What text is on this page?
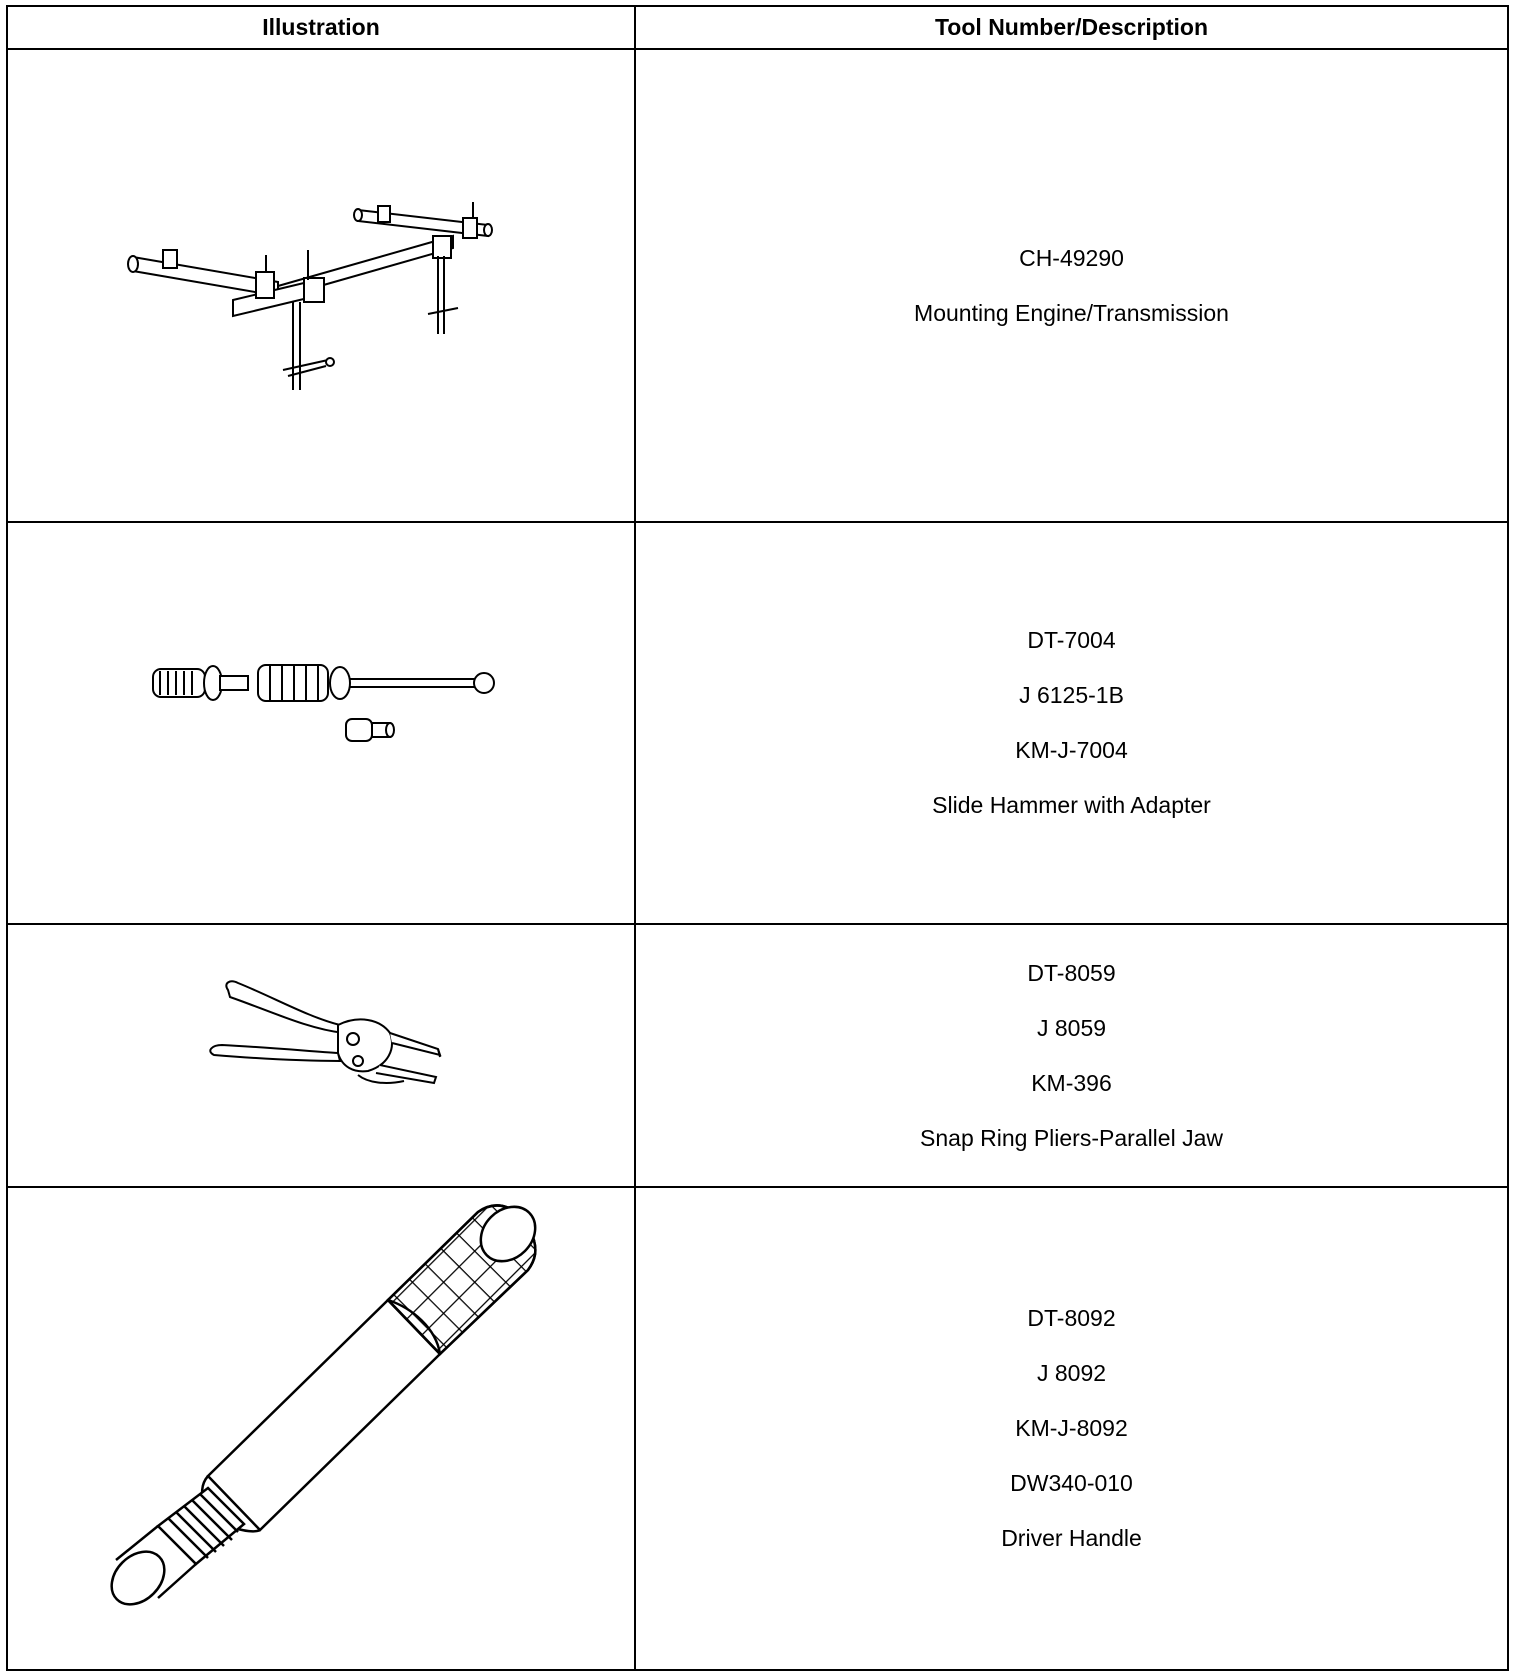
Illustration	Tool Number/Description

CH-49290
Mounting Engine/Transmission

DT-7004
J 6125-1B
KM-J-7004
Slide Hammer with Adapter

DT-8059
J 8059
KM-396
Snap Ring Pliers-Parallel Jaw

DT-8092
J 8092
KM-J-8092
DW340-010
Driver Handle
